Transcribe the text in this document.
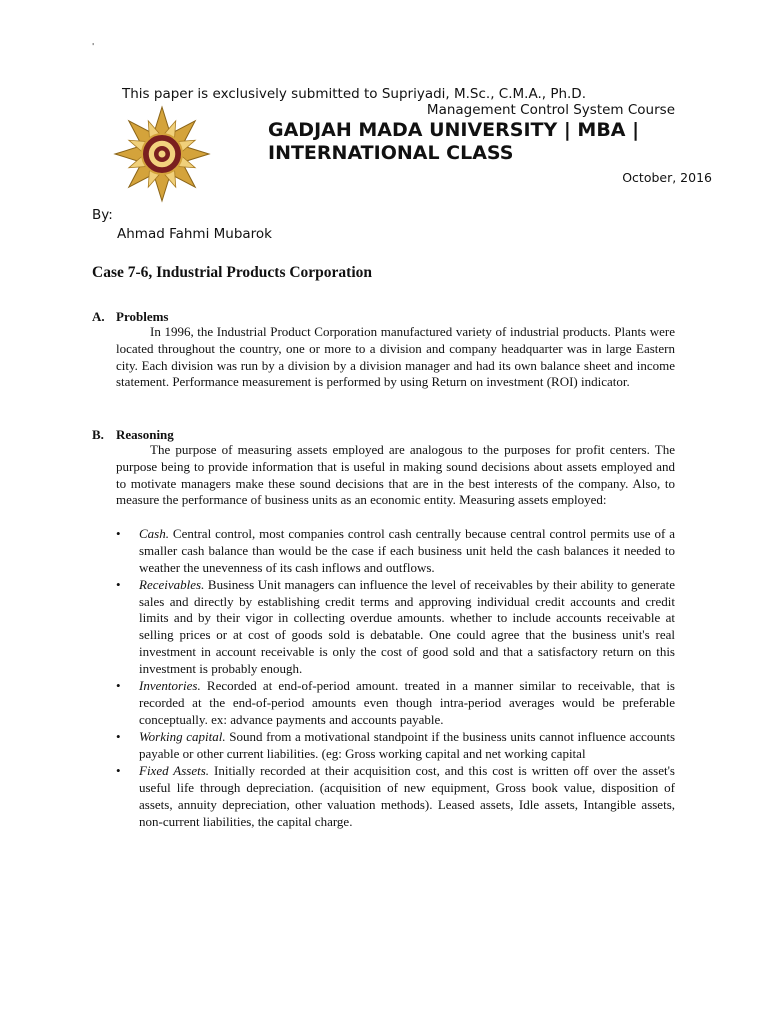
'
This paper is exclusively submitted to Supriyadi, M.Sc., C.M.A., Ph.D.
Management Control System Course
GADJAH MADA UNIVERSITY | MBA |
INTERNATIONAL CLASS
October, 2016
By:
Ahmad Fahmi Mubarok
Case 7-6, Industrial Products Corporation
A. Problems

In 1996, the Industrial Product Corporation manufactured variety of industrial products. Plants were located throughout the country, one or more to a division and company headquarter was in large Eastern city. Each division was run by a division by a division manager and had its own balance sheet and income statement. Performance measurement is performed by using Return on investment (ROI) indicator.

B. Reasoning

The purpose of measuring assets employed are analogous to the purposes for profit centers. The purpose being to provide information that is useful in making sound decisions about assets employed and to motivate managers make these sound decisions that are in the best interests of the company. Also, to measure the performance of business units as an economic entity. Measuring assets employed:

• Cash. Central control, most companies control cash centrally because central control permits use of a smaller cash balance than would be the case if each business unit held the cash balances it needed to weather the unevenness of its cash inflows and outflows.
• Receivables. Business Unit managers can influence the level of receivables by their ability to generate sales and directly by establishing credit terms and approving individual credit accounts and credit limits and by their vigor in collecting overdue amounts. whether to include accounts receivable at selling prices or at cost of goods sold is debatable. One could agree that the business unit's real investment in account receivable is only the cost of good sold and that a satisfactory return on this investment is probably enough.
• Inventories. Recorded at end-of-period amount. treated in a manner similar to receivable, that is recorded at the end-of-period amounts even though intra-period averages would be preferable conceptually. ex: advance payments and accounts payable.
• Working capital. Sound from a motivational standpoint if the business units cannot influence accounts payable or other current liabilities. (eg: Gross working capital and net working capital
• Fixed Assets. Initially recorded at their acquisition cost, and this cost is written off over the asset's useful life through depreciation. (acquisition of new equipment, Gross book value, disposition of assets, annuity depreciation, other valuation methods). Leased assets, Idle assets, Intangible assets, non-current liabilities, the capital charge.
